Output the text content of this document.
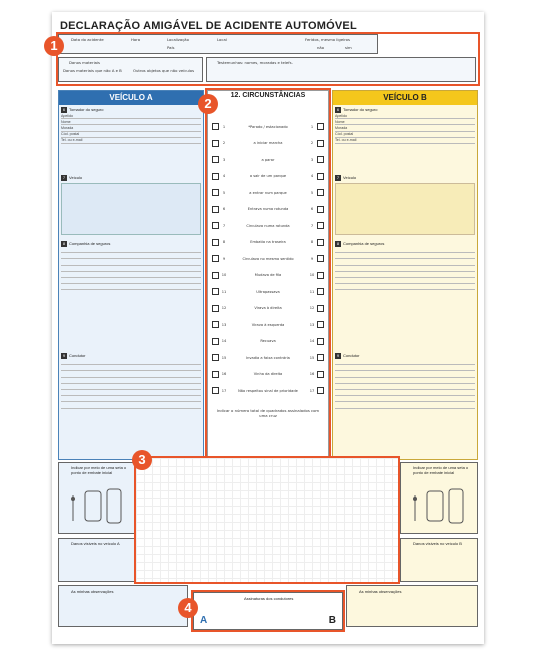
DECLARAÇÃO AMIGÁVEL DE ACIDENTE AUTOMÓVEL
Data do acidente	Hora	Localização
País
Local	Feridos, mesmo ligeiros
não	sim
Danos materiais
Danos materiais que não A e B	Outros objetos que não veículos
Testemunhas: nomes, moradas e telefs.
VEÍCULO A
6 Tomador do seguro
Apelido
Nome
Morada
Cód. postal
Tel. ou e-mail
7 Veículo
8 Companhia de seguros

9 Condutor

VEÍCULO B
6 Tomador do seguro
Apelido
Nome
Morada
Cód. postal
Tel. ou e-mail
7 Veículo
8 Companhia de seguros

9 Condutor

12. CIRCUNSTÂNCIAS
1	*Parado / estacionado	1
2	a iniciar marcha	2
3	a parar	3
4	a sair de um parque	4
5	a entrar num parque	5
6	Entrava numa rotunda	6
7	Circulava numa rotunda	7
8	Embatia na traseira	8
9	Circulava no mesmo sentido	9
10	Mudava de fila	10
11	Ultrapassava	11
12	Virava à direita	12
13	Virava à esquerda	13
14	Recuava	14
15	Invadia a faixa contrária	15
16	Vinha da direita	16
17	Não respeitou sinal de prioridade	17
Indicar o número total de quadrados assinalados com uma cruz
Indicar por meio de uma seta o ponto de embate inicial
Danos visíveis no veículo A
As minhas observações
Indicar por meio de uma seta o ponto de embate inicial
Danos visíveis no veículo B
As minhas observações
Assinaturas dos condutores
A	B
1
2
3
4
